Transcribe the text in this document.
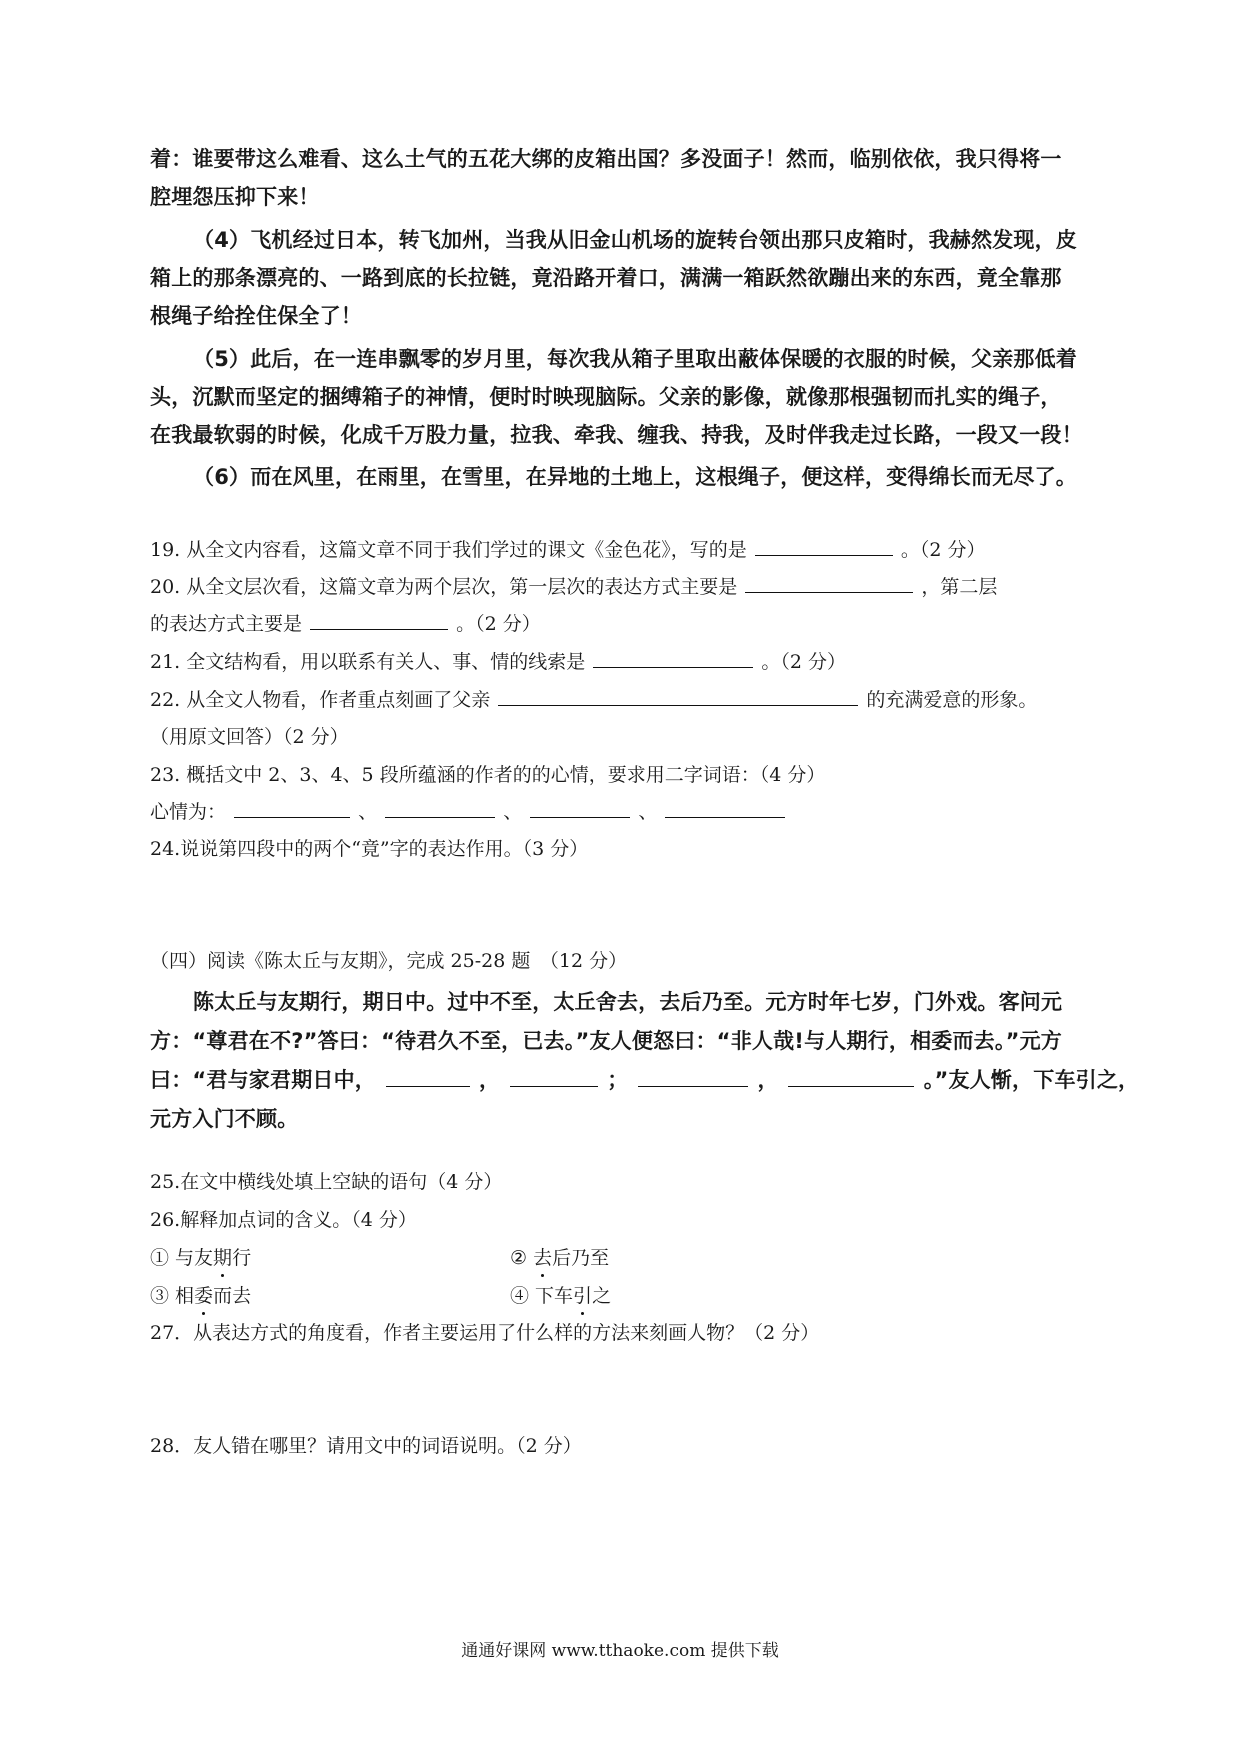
着：谁要带这么难看、这么土气的五花大绑的皮箱出国？多没面子！然而，临别依依，我只得将一
腔埋怨压抑下来！
（4）飞机经过日本，转飞加州，当我从旧金山机场的旋转台领出那只皮箱时，我赫然发现，皮
箱上的那条漂亮的、一路到底的长拉链，竟沿路开着口，满满一箱跃然欲蹦出来的东西，竟全靠那
根绳子给拴住保全了！
（5）此后，在一连串飘零的岁月里，每次我从箱子里取出蔽体保暖的衣服的时候，父亲那低着
头，沉默而坚定的捆缚箱子的神情，便时时映现脑际。父亲的影像，就像那根强韧而扎实的绳子，
在我最软弱的时候，化成千万股力量，拉我、牵我、缠我、持我，及时伴我走过长路，一段又一段！
（6）而在风里，在雨里，在雪里，在异地的土地上，这根绳子，便这样，变得绵长而无尽了。
19. 从全文内容看，这篇文章不同于我们学过的课文《金色花》，写的是	。（2 分）
20. 从全文层次看，这篇文章为两个层次，第一层次的表达方式主要是	，第二层
的表达方式主要是	。（2 分）
21. 全文结构看，用以联系有关人、事、情的线索是	。（2 分）
22. 从全文人物看，作者重点刻画了父亲	的充满爱意的形象。
（用原文回答）（2 分）
23. 概括文中 2、3、4、5 段所蕴涵的作者的的心情，要求用二字词语：（4 分）
心情为：	、	、	、
24.说说第四段中的两个“竟”字的表达作用。（3 分）
（四）阅读《陈太丘与友期》，完成 25-28 题　（12 分）
陈太丘与友期行，期日中。过中不至，太丘舍去，去后乃至。元方时年七岁，门外戏。客问元
方：“尊君在不?”答曰：“待君久不至，已去。”友人便怒曰：“非人哉!与人期行，相委而去。”元方
曰：“君与家君期日中，	，	；	，	。”友人惭，下车引之，
元方入门不顾。
25.在文中横线处填上空缺的语句（4 分）
26.解释加点词的含义。（4 分）
① 与友期行	② 去后乃至
③ 相委而去	④ 下车引之
27．从表达方式的角度看，作者主要运用了什么样的方法来刻画人物？（2 分）
28．友人错在哪里？请用文中的词语说明。（2 分）
通通好课网 www.tthaoke.com 提供下载
